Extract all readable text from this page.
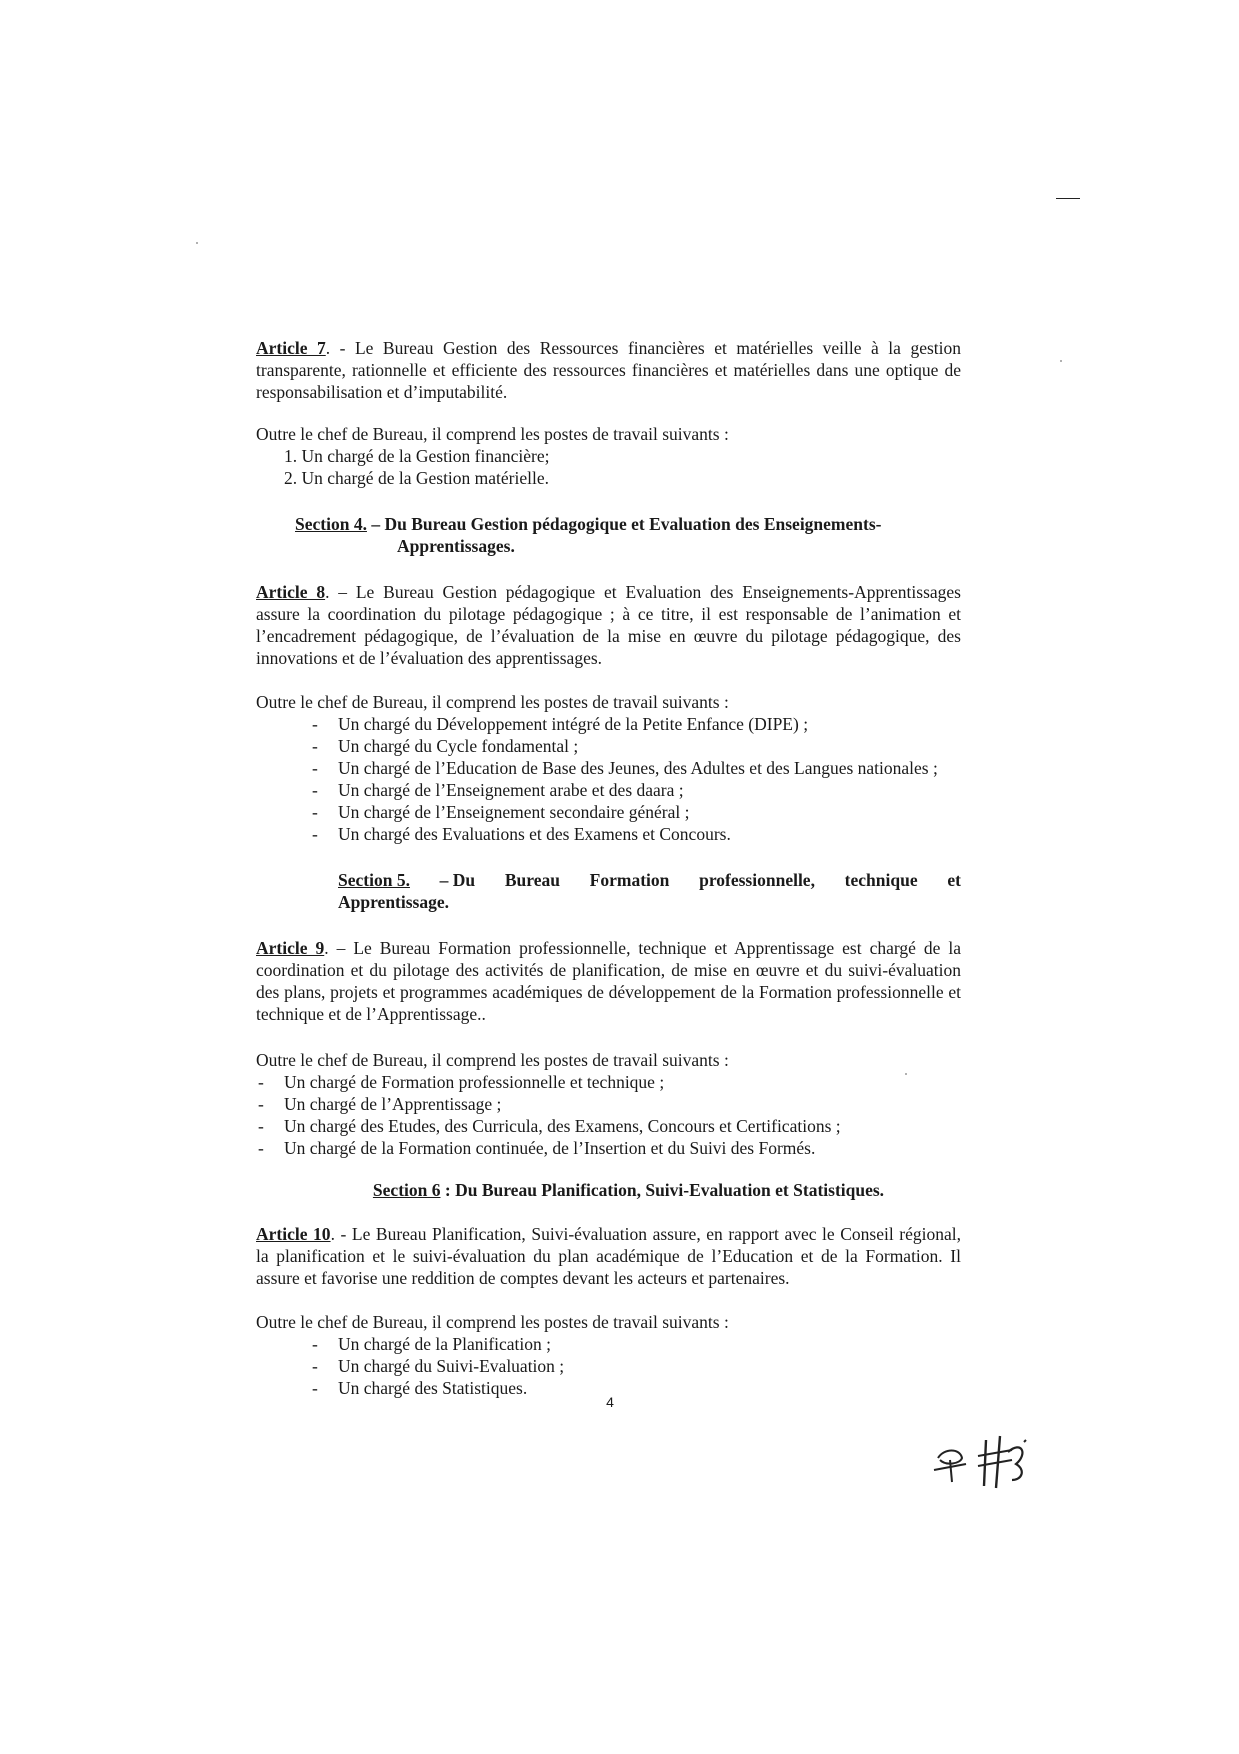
Article 7. - Le Bureau Gestion des Ressources financières et matérielles veille à la gestion transparente, rationnelle et efficiente des ressources financières et matérielles dans une optique de responsabilisation et d’imputabilité.

Outre le chef de Bureau, il comprend les postes de travail suivants :

1. Un chargé de la Gestion financière;
2. Un chargé de la Gestion matérielle.

Section 4. – Du Bureau Gestion pédagogique et Evaluation des Enseignements-
Apprentissages.

Article 8. – Le Bureau Gestion pédagogique et Evaluation des Enseignements-Apprentissages assure la coordination du pilotage pédagogique ; à ce titre, il est responsable de l’animation et l’encadrement pédagogique, de l’évaluation de la mise en œuvre du pilotage pédagogique, des innovations et de l’évaluation des apprentissages.

Outre le chef de Bureau, il comprend les postes de travail suivants :

- Un chargé du Développement intégré de la Petite Enfance (DIPE) ;
- Un chargé du Cycle fondamental ;
- Un chargé de l’Education de Base des Jeunes, des Adultes et des Langues nationales ;
- Un chargé de l’Enseignement arabe et des daara ;
- Un chargé de l’Enseignement secondaire général ;
- Un chargé des Evaluations et des Examens et Concours.

Section 5. – Du Bureau Formation professionnelle, technique et

Apprentissage.

Article 9. – Le Bureau Formation professionnelle, technique et Apprentissage est chargé de la coordination et du pilotage des activités de planification, de mise en œuvre et du suivi-évaluation des plans, projets et programmes académiques de développement de la Formation professionnelle et technique et de l’Apprentissage..

Outre le chef de Bureau, il comprend les postes de travail suivants :

- Un chargé de Formation professionnelle et technique ;
- Un chargé de l’Apprentissage ;
- Un chargé des Etudes, des Curricula, des Examens, Concours et Certifications ;
- Un chargé de la Formation continuée, de l’Insertion et du Suivi des Formés.

Section 6 : Du Bureau Planification, Suivi-Evaluation et Statistiques.

Article 10. - Le Bureau Planification, Suivi-évaluation assure, en rapport avec le Conseil régional, la planification et le suivi-évaluation du plan académique de l’Education et de la Formation. Il assure et favorise une reddition de comptes devant les acteurs et partenaires.

Outre le chef de Bureau, il comprend les postes de travail suivants :

- Un chargé de la Planification ;
- Un chargé du Suivi-Evaluation ;
- Un chargé des Statistiques.
4
